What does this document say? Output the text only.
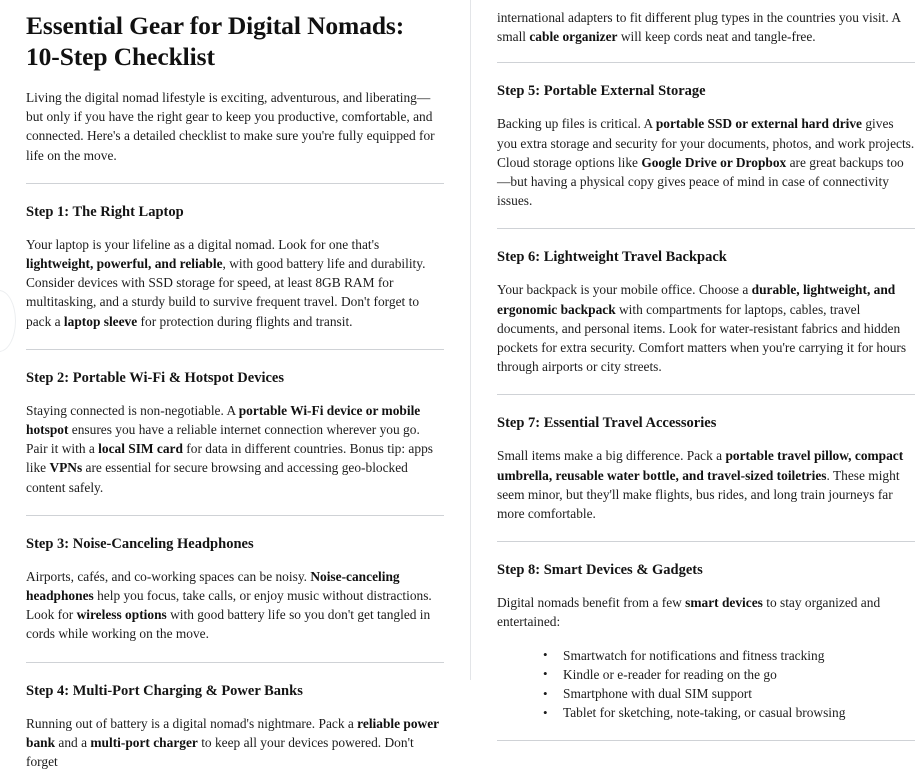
Essential Gear for Digital Nomads: 10-Step Checklist

Living the digital nomad lifestyle is exciting, adventurous, and liberating—but only if you have the right gear to keep you productive, comfortable, and connected. Here's a detailed checklist to make sure you're fully equipped for life on the move.

Step 1: The Right Laptop

Your laptop is your lifeline as a digital nomad. Look for one that's lightweight, powerful, and reliable, with good battery life and durability. Consider devices with SSD storage for speed, at least 8GB RAM for multitasking, and a sturdy build to survive frequent travel. Don't forget to pack a laptop sleeve for protection during flights and transit.

Step 2: Portable Wi-Fi & Hotspot Devices

Staying connected is non-negotiable. A portable Wi-Fi device or mobile hotspot ensures you have a reliable internet connection wherever you go. Pair it with a local SIM card for data in different countries. Bonus tip: apps like VPNs are essential for secure browsing and accessing geo-blocked content safely.

Step 3: Noise-Canceling Headphones

Airports, cafés, and co-working spaces can be noisy. Noise-canceling headphones help you focus, take calls, or enjoy music without distractions. Look for wireless options with good battery life so you don't get tangled in cords while working on the move.

Step 4: Multi-Port Charging & Power Banks

Running out of battery is a digital nomad's nightmare. Pack a reliable power bank and a multi-port charger to keep all your devices powered. Don't forget

international adapters to fit different plug types in the countries you visit. A small cable organizer will keep cords neat and tangle-free.

Step 5: Portable External Storage

Backing up files is critical. A portable SSD or external hard drive gives you extra storage and security for your documents, photos, and work projects. Cloud storage options like Google Drive or Dropbox are great backups too—but having a physical copy gives peace of mind in case of connectivity issues.

Step 6: Lightweight Travel Backpack

Your backpack is your mobile office. Choose a durable, lightweight, and ergonomic backpack with compartments for laptops, cables, travel documents, and personal items. Look for water-resistant fabrics and hidden pockets for extra security. Comfort matters when you're carrying it for hours through airports or city streets.

Step 7: Essential Travel Accessories

Small items make a big difference. Pack a portable travel pillow, compact umbrella, reusable water bottle, and travel-sized toiletries. These might seem minor, but they'll make flights, bus rides, and long train journeys far more comfortable.

Step 8: Smart Devices & Gadgets

Digital nomads benefit from a few smart devices to stay organized and entertained:

• Smartwatch for notifications and fitness tracking
• Kindle or e-reader for reading on the go
• Smartphone with dual SIM support
• Tablet for sketching, note-taking, or casual browsing
